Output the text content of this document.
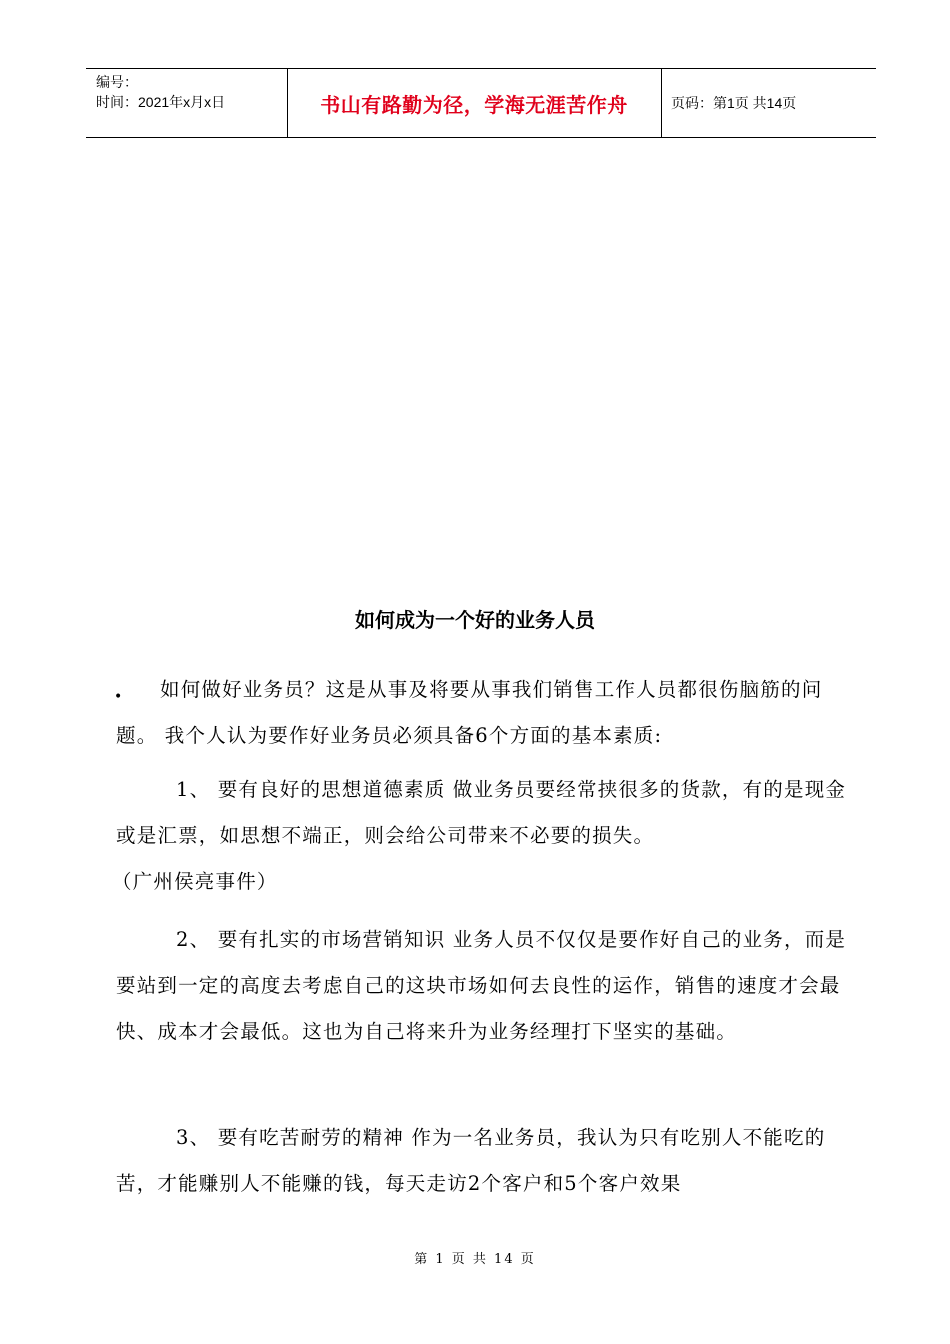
编号：
时间：2021年x月x日	书山有路勤为径，学海无涯苦作舟	页码：第1页 共14页
如何成为一个好的业务人员
•	如何做好业务员？这是从事及将要从事我们销售工作人员都很伤脑筋的问题。 我个人认为要作好业务员必须具备6个方面的基本素质:

1、 要有良好的思想道德素质 做业务员要经常挟很多的货款，有的是现金或是汇票，如思想不端正，则会给公司带来不必要的损失。

（广州侯亮事件）

2、 要有扎实的市场营销知识 业务人员不仅仅是要作好自己的业务，而是要站到一定的高度去考虑自己的这块市场如何去良性的运作，销售的速度才会最快、成本才会最低。这也为自己将来升为业务经理打下坚实的基础。

3、 要有吃苦耐劳的精神 作为一名业务员，我认为只有吃别人不能吃的苦，才能赚别人不能赚的钱，每天走访2个客户和5个客户效果

第 1 页 共 14 页
